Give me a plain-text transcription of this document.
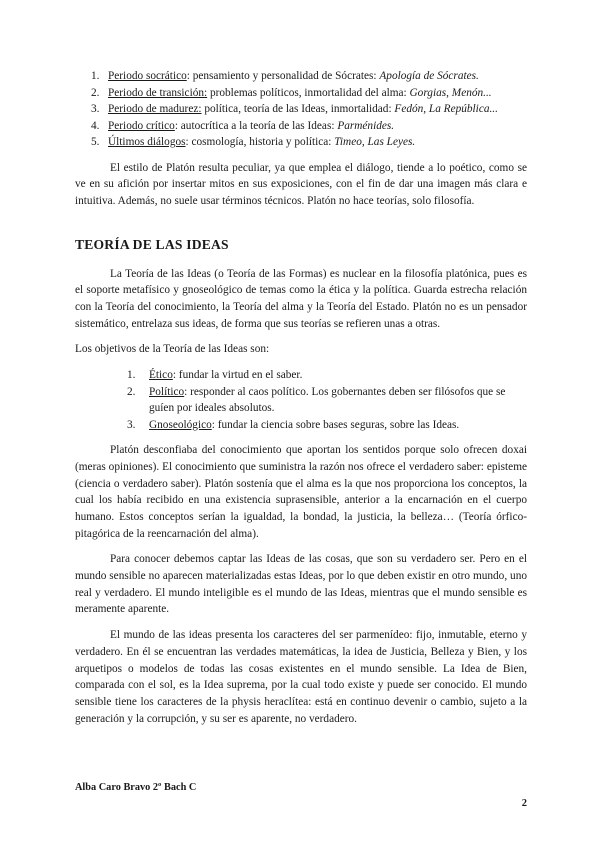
1. Periodo socrático: pensamiento y personalidad de Sócrates: Apología de Sócrates.
2. Periodo de transición: problemas políticos, inmortalidad del alma: Gorgias, Menón...
3. Periodo de madurez: política, teoría de las Ideas, inmortalidad: Fedón, La República...
4. Periodo crítico: autocrítica a la teoría de las Ideas: Parménides.
5. Últimos diálogos: cosmología, historia y política: Timeo, Las Leyes.

El estilo de Platón resulta peculiar, ya que emplea el diálogo, tiende a lo poético, como se ve en su afición por insertar mitos en sus exposiciones, con el fin de dar una imagen más clara e intuitiva. Además, no suele usar términos técnicos. Platón no hace teorías, solo filosofía.

TEORÍA DE LAS IDEAS

La Teoría de las Ideas (o Teoría de las Formas) es nuclear en la filosofía platónica, pues es el soporte metafísico y gnoseológico de temas como la ética y la política. Guarda estrecha relación con la Teoría del conocimiento, la Teoría del alma y la Teoría del Estado. Platón no es un pensador sistemático, entrelaza sus ideas, de forma que sus teorías se refieren unas a otras.

Los objetivos de la Teoría de las Ideas son:

1. Ético: fundar la virtud en el saber.
2. Político: responder al caos político. Los gobernantes deben ser filósofos que se guíen por ideales absolutos.
3. Gnoseológico: fundar la ciencia sobre bases seguras, sobre las Ideas.

Platón desconfiaba del conocimiento que aportan los sentidos porque solo ofrecen doxai (meras opiniones). El conocimiento que suministra la razón nos ofrece el verdadero saber: episteme (ciencia o verdadero saber). Platón sostenía que el alma es la que nos proporciona los conceptos, la cual los había recibido en una existencia suprasensible, anterior a la encarnación en el cuerpo humano. Estos conceptos serían la igualdad, la bondad, la justicia, la belleza… (Teoría órfico-pitagórica de la reencarnación del alma).

Para conocer debemos captar las Ideas de las cosas, que son su verdadero ser. Pero en el mundo sensible no aparecen materializadas estas Ideas, por lo que deben existir en otro mundo, uno real y verdadero. El mundo inteligible es el mundo de las Ideas, mientras que el mundo sensible es meramente aparente.

El mundo de las ideas presenta los caracteres del ser parmenídeo: fijo, inmutable, eterno y verdadero. En él se encuentran las verdades matemáticas, la idea de Justicia, Belleza y Bien, y los arquetipos o modelos de todas las cosas existentes en el mundo sensible. La Idea de Bien, comparada con el sol, es la Idea suprema, por la cual todo existe y puede ser conocido. El mundo sensible tiene los caracteres de la physis heraclítea: está en continuo devenir o cambio, sujeto a la generación y la corrupción, y su ser es aparente, no verdadero.

Alba Caro Bravo 2º Bach C
2
